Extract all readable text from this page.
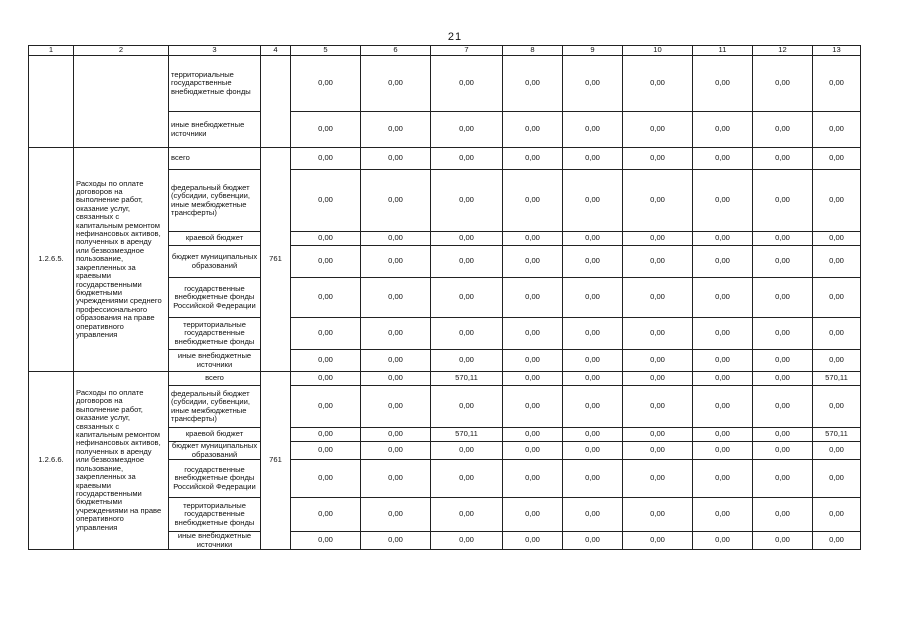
21
1	2	3	4	5	6	7	8	9	10	11	12	13
		территориальные государственные внебюджетные фонды		0,00	0,00	0,00	0,00	0,00	0,00	0,00	0,00	0,00
		иные внебюджетные источники		0,00	0,00	0,00	0,00	0,00	0,00	0,00	0,00	0,00
1.2.6.5.	Расходы по оплате договоров на выполнение работ, оказание услуг, связанных с капитальным ремонтом нефинансовых активов, полученных в аренду или безвозмездное пользование, закрепленных за краевыми государственными бюджетными учреждениями среднего профессионального образования на праве оперативного управления	всего	761	0,00	0,00	0,00	0,00	0,00	0,00	0,00	0,00	0,00
		федеральный бюджет (субсидии, субвенции, иные межбюджетные трансферты)		0,00	0,00	0,00	0,00	0,00	0,00	0,00	0,00	0,00
		краевой бюджет		0,00	0,00	0,00	0,00	0,00	0,00	0,00	0,00	0,00
		бюджет муниципальных образований		0,00	0,00	0,00	0,00	0,00	0,00	0,00	0,00	0,00
		государственные внебюджетные фонды Российской Федерации		0,00	0,00	0,00	0,00	0,00	0,00	0,00	0,00	0,00
		территориальные государственные внебюджетные фонды		0,00	0,00	0,00	0,00	0,00	0,00	0,00	0,00	0,00
		иные внебюджетные источники		0,00	0,00	0,00	0,00	0,00	0,00	0,00	0,00	0,00
1.2.6.6.	Расходы по оплате договоров на выполнение работ, оказание услуг, связанных с капитальным ремонтом нефинансовых активов, полученных в аренду или безвозмездное пользование, закрепленных за краевыми государственными бюджетными учреждениями на праве оперативного управления	всего	761	0,00	0,00	570,11	0,00	0,00	0,00	0,00	0,00	570,11
		федеральный бюджет (субсидии, субвенции, иные межбюджетные трансферты)		0,00	0,00	0,00	0,00	0,00	0,00	0,00	0,00	0,00
		краевой бюджет		0,00	0,00	570,11	0,00	0,00	0,00	0,00	0,00	570,11
		бюджет муниципальных образований		0,00	0,00	0,00	0,00	0,00	0,00	0,00	0,00	0,00
		государственные внебюджетные фонды Российской Федерации		0,00	0,00	0,00	0,00	0,00	0,00	0,00	0,00	0,00
		территориальные государственные внебюджетные фонды		0,00	0,00	0,00	0,00	0,00	0,00	0,00	0,00	0,00
		иные внебюджетные источники		0,00	0,00	0,00	0,00	0,00	0,00	0,00	0,00	0,00
